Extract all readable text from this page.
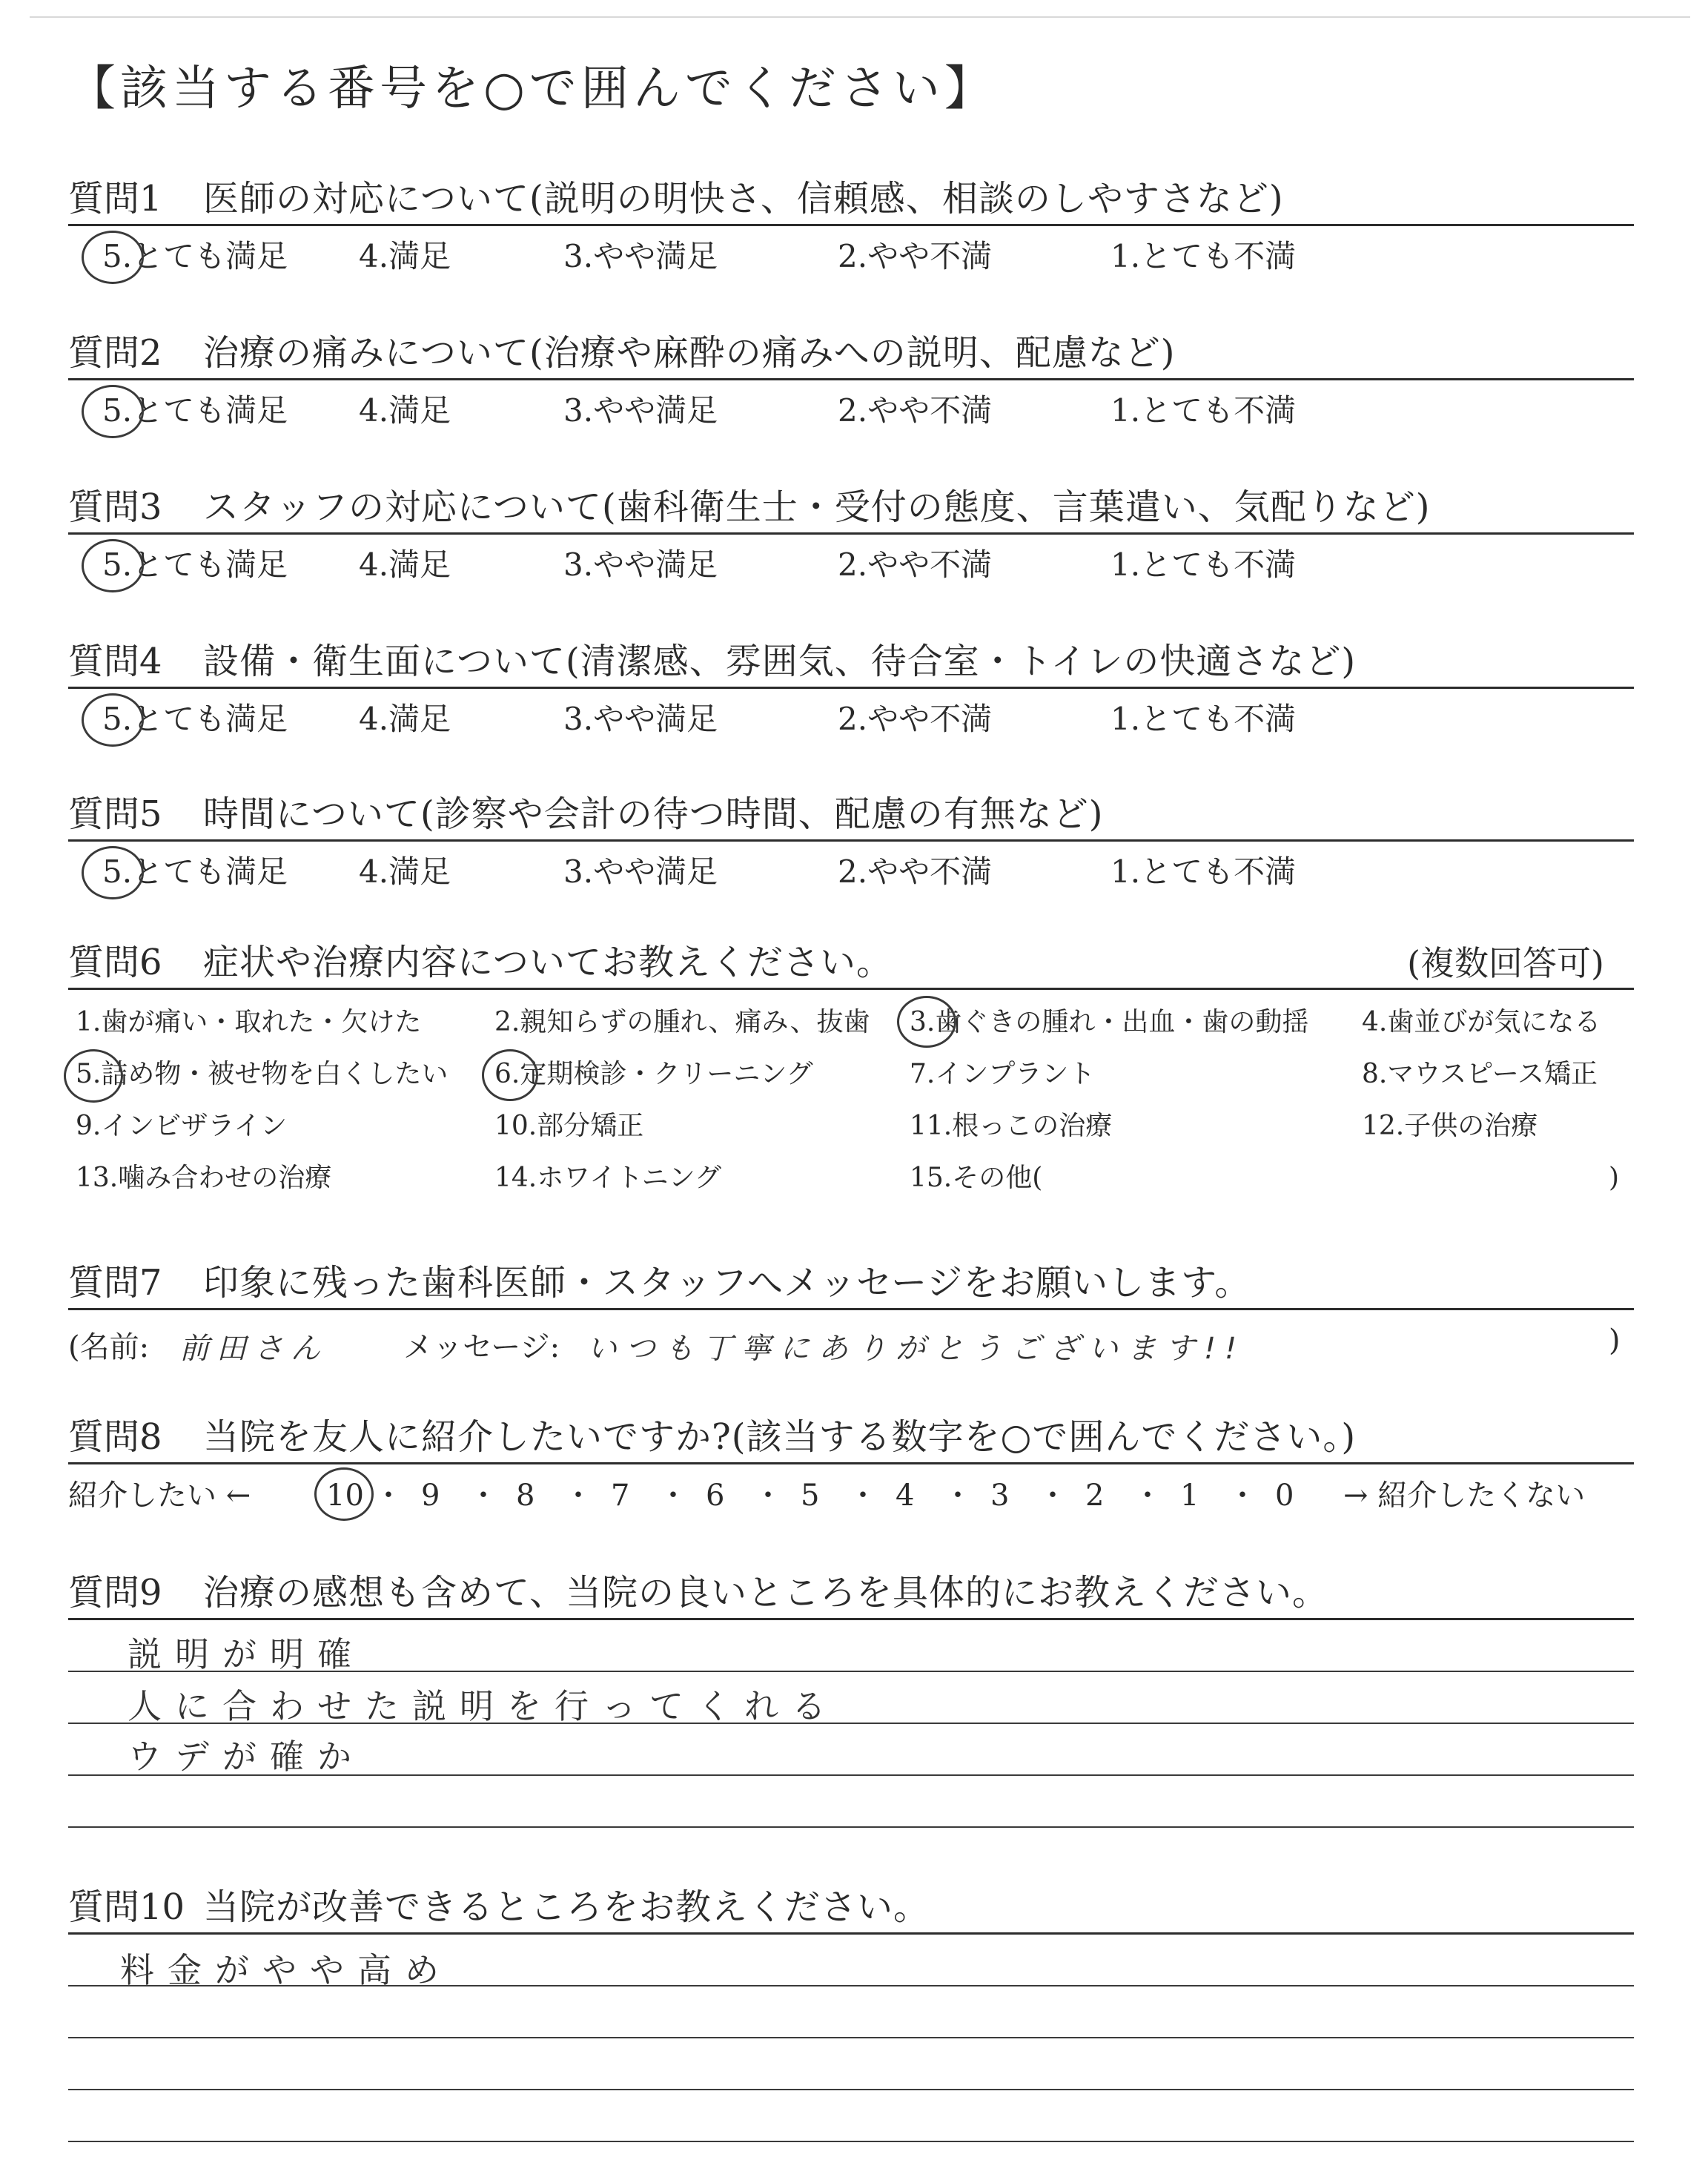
【該当する番号を○で囲んでください】
質問1 医師の対応について(説明の明快さ、信頼感、相談のしやすさなど)
5.とても満足 4.満足	3.やや満足	2.やや不満	1.とても不満
質問2 治療の痛みについて(治療や麻酔の痛みへの説明、配慮など)
5.とても満足 4.満足	3.やや満足	2.やや不満	1.とても不満
質問3 スタッフの対応について(歯科衛生士・受付の態度、言葉遣い、気配りなど)
5.とても満足 4.満足	3.やや満足	2.やや不満	1.とても不満
質問4 設備・衛生面について(清潔感、雰囲気、待合室・トイレの快適さなど)
5.とても満足 4.満足	3.やや満足	2.やや不満	1.とても不満
質問5 時間について(診察や会計の待つ時間、配慮の有無など)
5.とても満足 4.満足	3.やや満足	2.やや不満	1.とても不満
質問6 症状や治療内容についてお教えください。	(複数回答可)
1.歯が痛い・取れた・欠けた	2.親知らずの腫れ、痛み、抜歯 3.歯ぐきの腫れ・出血・歯の動揺 4.歯並びが気になる
5.詰め物・被せ物を白くしたい 6.定期検診・クリーニング	7.インプラント	8.マウスピース矯正
9.インビザライン	10.部分矯正	11.根っこの治療	12.子供の治療
13.噛み合わせの治療	14.ホワイトニング	15.その他(	)
質問7 印象に残った歯科医師・スタッフへメッセージをお願いします。
(名前: 前田さん	メッセージ: いつも丁寧にありがとうございます!!	)
質問8 当院を友人に紹介したいですか?(該当する数字を○で囲んでください。)
紹介したい ←	→ 紹介したくない
10 ・ 9 ・ 8 ・ 7 ・ 6 ・ 5 ・ 4 ・ 3 ・ 2 ・ 1 ・ 0
質問9 治療の感想も含めて、当院の良いところを具体的にお教えください。
説明が明確
人に合わせた説明を行ってくれる
ウデが確か
質問10 当院が改善できるところをお教えください。
料金がやや高め
